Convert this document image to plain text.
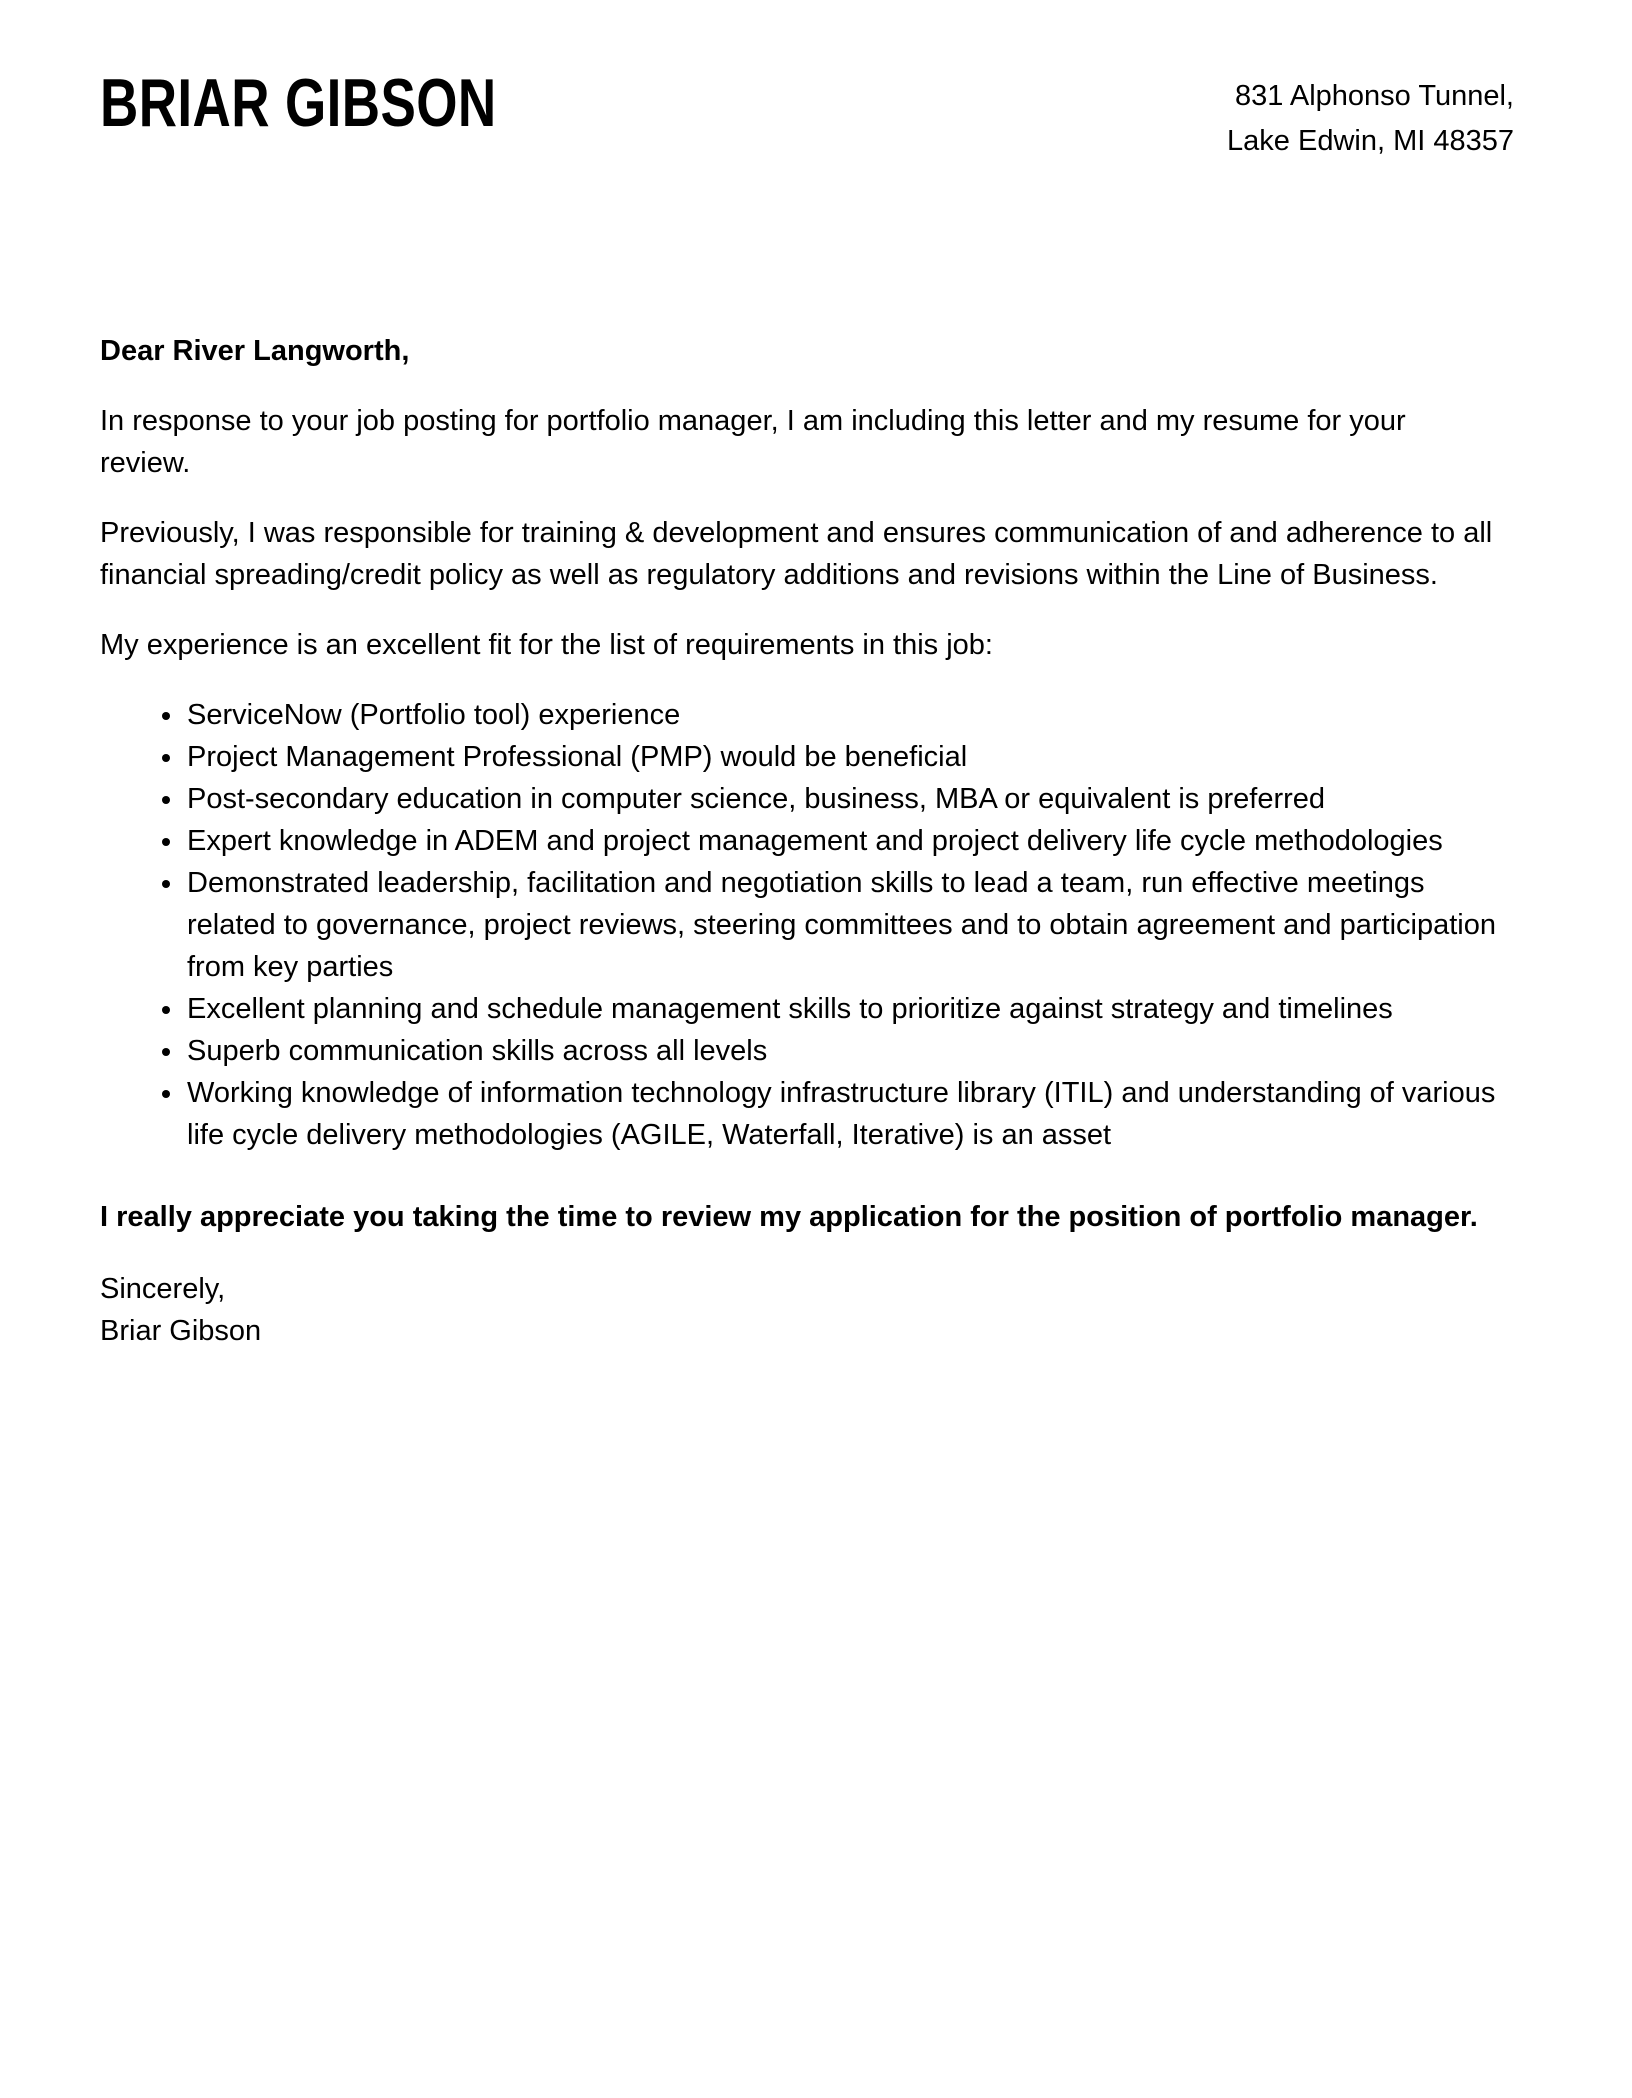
BRIAR GIBSON	831 Alphonso Tunnel,
Lake Edwin, MI 48357

Dear River Langworth,

In response to your job posting for portfolio manager, I am including this letter and my resume for your review.

Previously, I was responsible for training & development and ensures communication of and adherence to all financial spreading/credit policy as well as regulatory additions and revisions within the Line of Business.

My experience is an excellent fit for the list of requirements in this job:

• ServiceNow (Portfolio tool) experience
• Project Management Professional (PMP) would be beneficial
• Post-secondary education in computer science, business, MBA or equivalent is preferred
• Expert knowledge in ADEM and project management and project delivery life cycle methodologies
• Demonstrated leadership, facilitation and negotiation skills to lead a team, run effective meetings related to governance, project reviews, steering committees and to obtain agreement and participation from key parties
• Excellent planning and schedule management skills to prioritize against strategy and timelines
• Superb communication skills across all levels
• Working knowledge of information technology infrastructure library (ITIL) and understanding of various life cycle delivery methodologies (AGILE, Waterfall, Iterative) is an asset

I really appreciate you taking the time to review my application for the position of portfolio manager.

Sincerely,
Briar Gibson
